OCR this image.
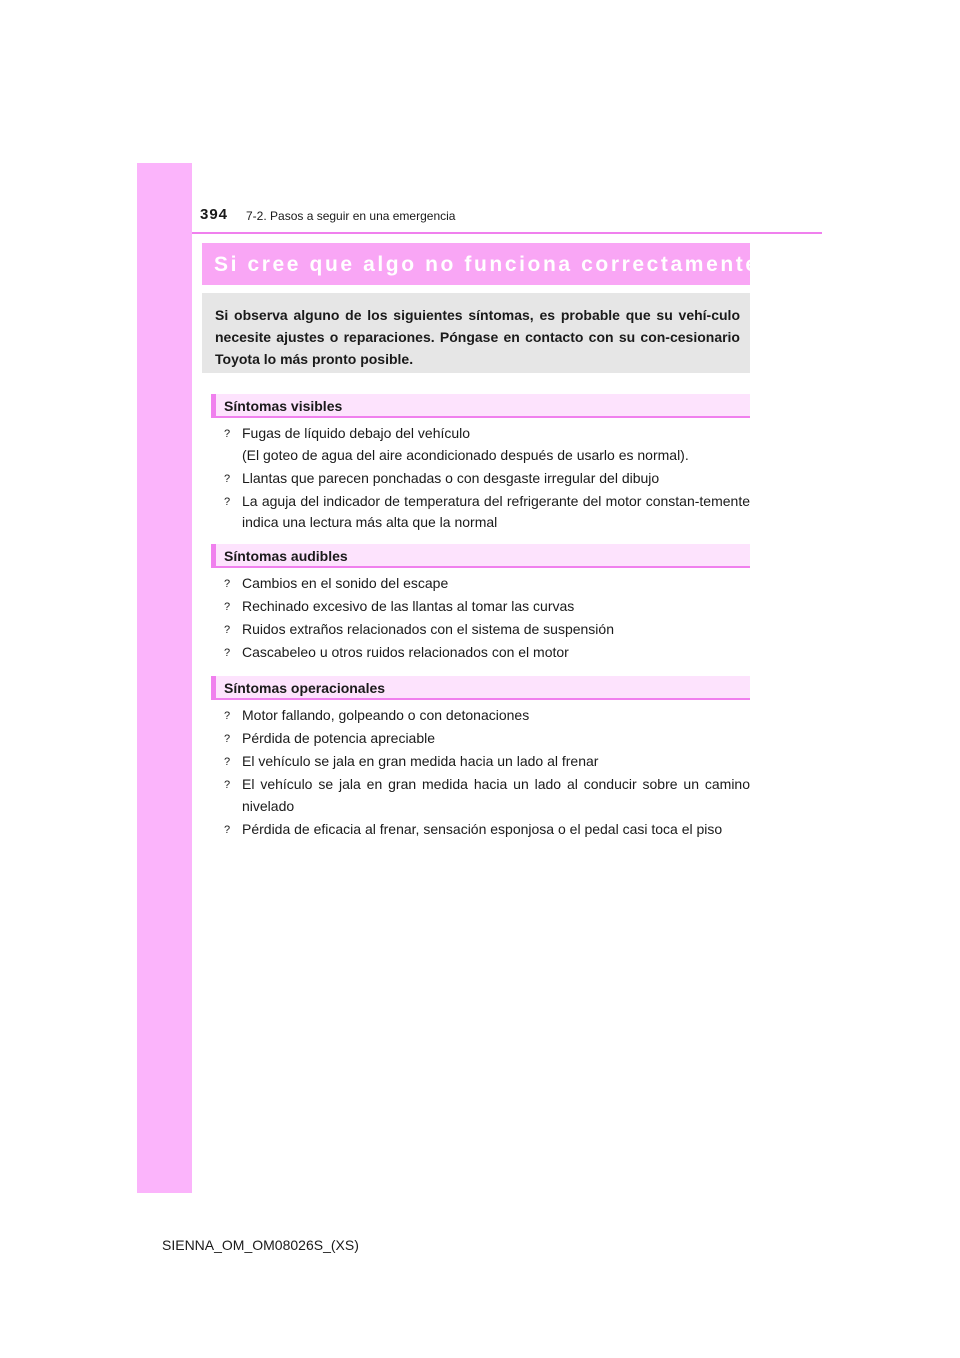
394 7-2. Pasos a seguir en una emergencia
Si cree que algo no funciona correctamente
Si observa alguno de los siguientes síntomas, es probable que su vehí-culo necesite ajustes o reparaciones. Póngase en contacto con su con-cesionario Toyota lo más pronto posible.
Síntomas visibles
? Fugas de líquido debajo del vehículo
(El goteo de agua del aire acondicionado después de usarlo es normal).
? Llantas que parecen ponchadas o con desgaste irregular del dibujo
? La aguja del indicador de temperatura del refrigerante del motor constan-temente indica una lectura más alta que la normal
Síntomas audibles
? Cambios en el sonido del escape
? Rechinado excesivo de las llantas al tomar las curvas
? Ruidos extraños relacionados con el sistema de suspensión
? Cascabeleo u otros ruidos relacionados con el motor
Síntomas operacionales
? Motor fallando, golpeando o con detonaciones
? Pérdida de potencia apreciable
? El vehículo se jala en gran medida hacia un lado al frenar
? El vehículo se jala en gran medida hacia un lado al conducir sobre un camino nivelado
? Pérdida de eficacia al frenar, sensación esponjosa o el pedal casi toca el piso
SIENNA_OM_OM08026S_(XS)
